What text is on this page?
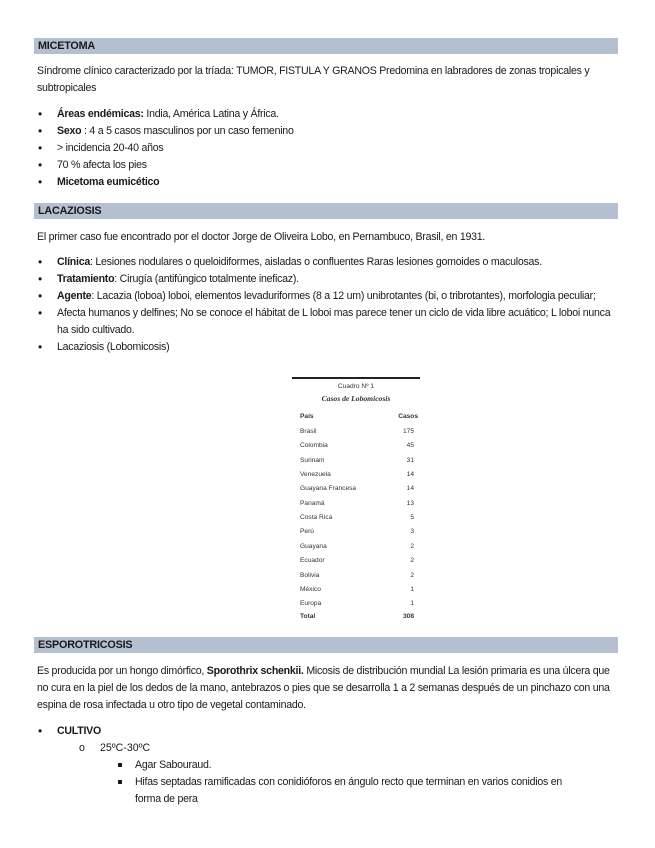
MICETOMA

Síndrome clínico caracterizado por la tríada: TUMOR, FISTULA Y GRANOS Predomina en labradores de zonas tropicales y subtropicales

• Áreas endémicas: India, América Latina y África.
• Sexo : 4 a 5 casos masculinos por un caso femenino
• > incidencia 20-40 años
• 70 % afecta los pies
• Micetoma eumicético
LACAZIOSIS

El primer caso fue encontrado por el doctor Jorge de Oliveira Lobo, en Pernambuco, Brasil, en 1931.

• Clínica: Lesiones nodulares o queloidiformes, aisladas o confluentes Raras lesiones gomoides o maculosas.
• Tratamiento: Cirugía (antifúngico totalmente ineficaz).
• Agente: Lacazia (loboa) loboi, elementos levaduriformes (8 a 12 um) unibrotantes (bi, o tribrotantes), morfologia peculiar;
• Afecta humanos y delfines; No se conoce el hábitat de L loboi mas parece tener un ciclo de vida libre acuático; L loboi nunca ha sido cultivado.
• Lacaziosis (Lobomicosis)
Cuadro Nº 1
Casos de Lobomicosis
País	Casos
Brasil	175
Colombia	45
Surinam	31
Venezuela	14
Guayana Francesa	14
Panamá	13
Costa Rica	5
Perú	3
Guayana	2
Ecuador	2
Bolivia	2
México	1
Europa	1
Total	308
ESPOROTRICOSIS

Es producida por un hongo dimórfico, Sporothrix schenkii. Micosis de distribución mundial La lesión primaria es una úlcera que no cura en la piel de los dedos de la mano, antebrazos o pies que se desarrolla 1 a 2 semanas después de un pinchazo con una espina de rosa infectada u otro tipo de vegetal contaminado.

• CULTIVO
o 25ºC-30ºC
Agar Sabouraud.
Hifas septadas ramificadas con conidióforos en ángulo recto que terminan en varios conidios en forma de pera
